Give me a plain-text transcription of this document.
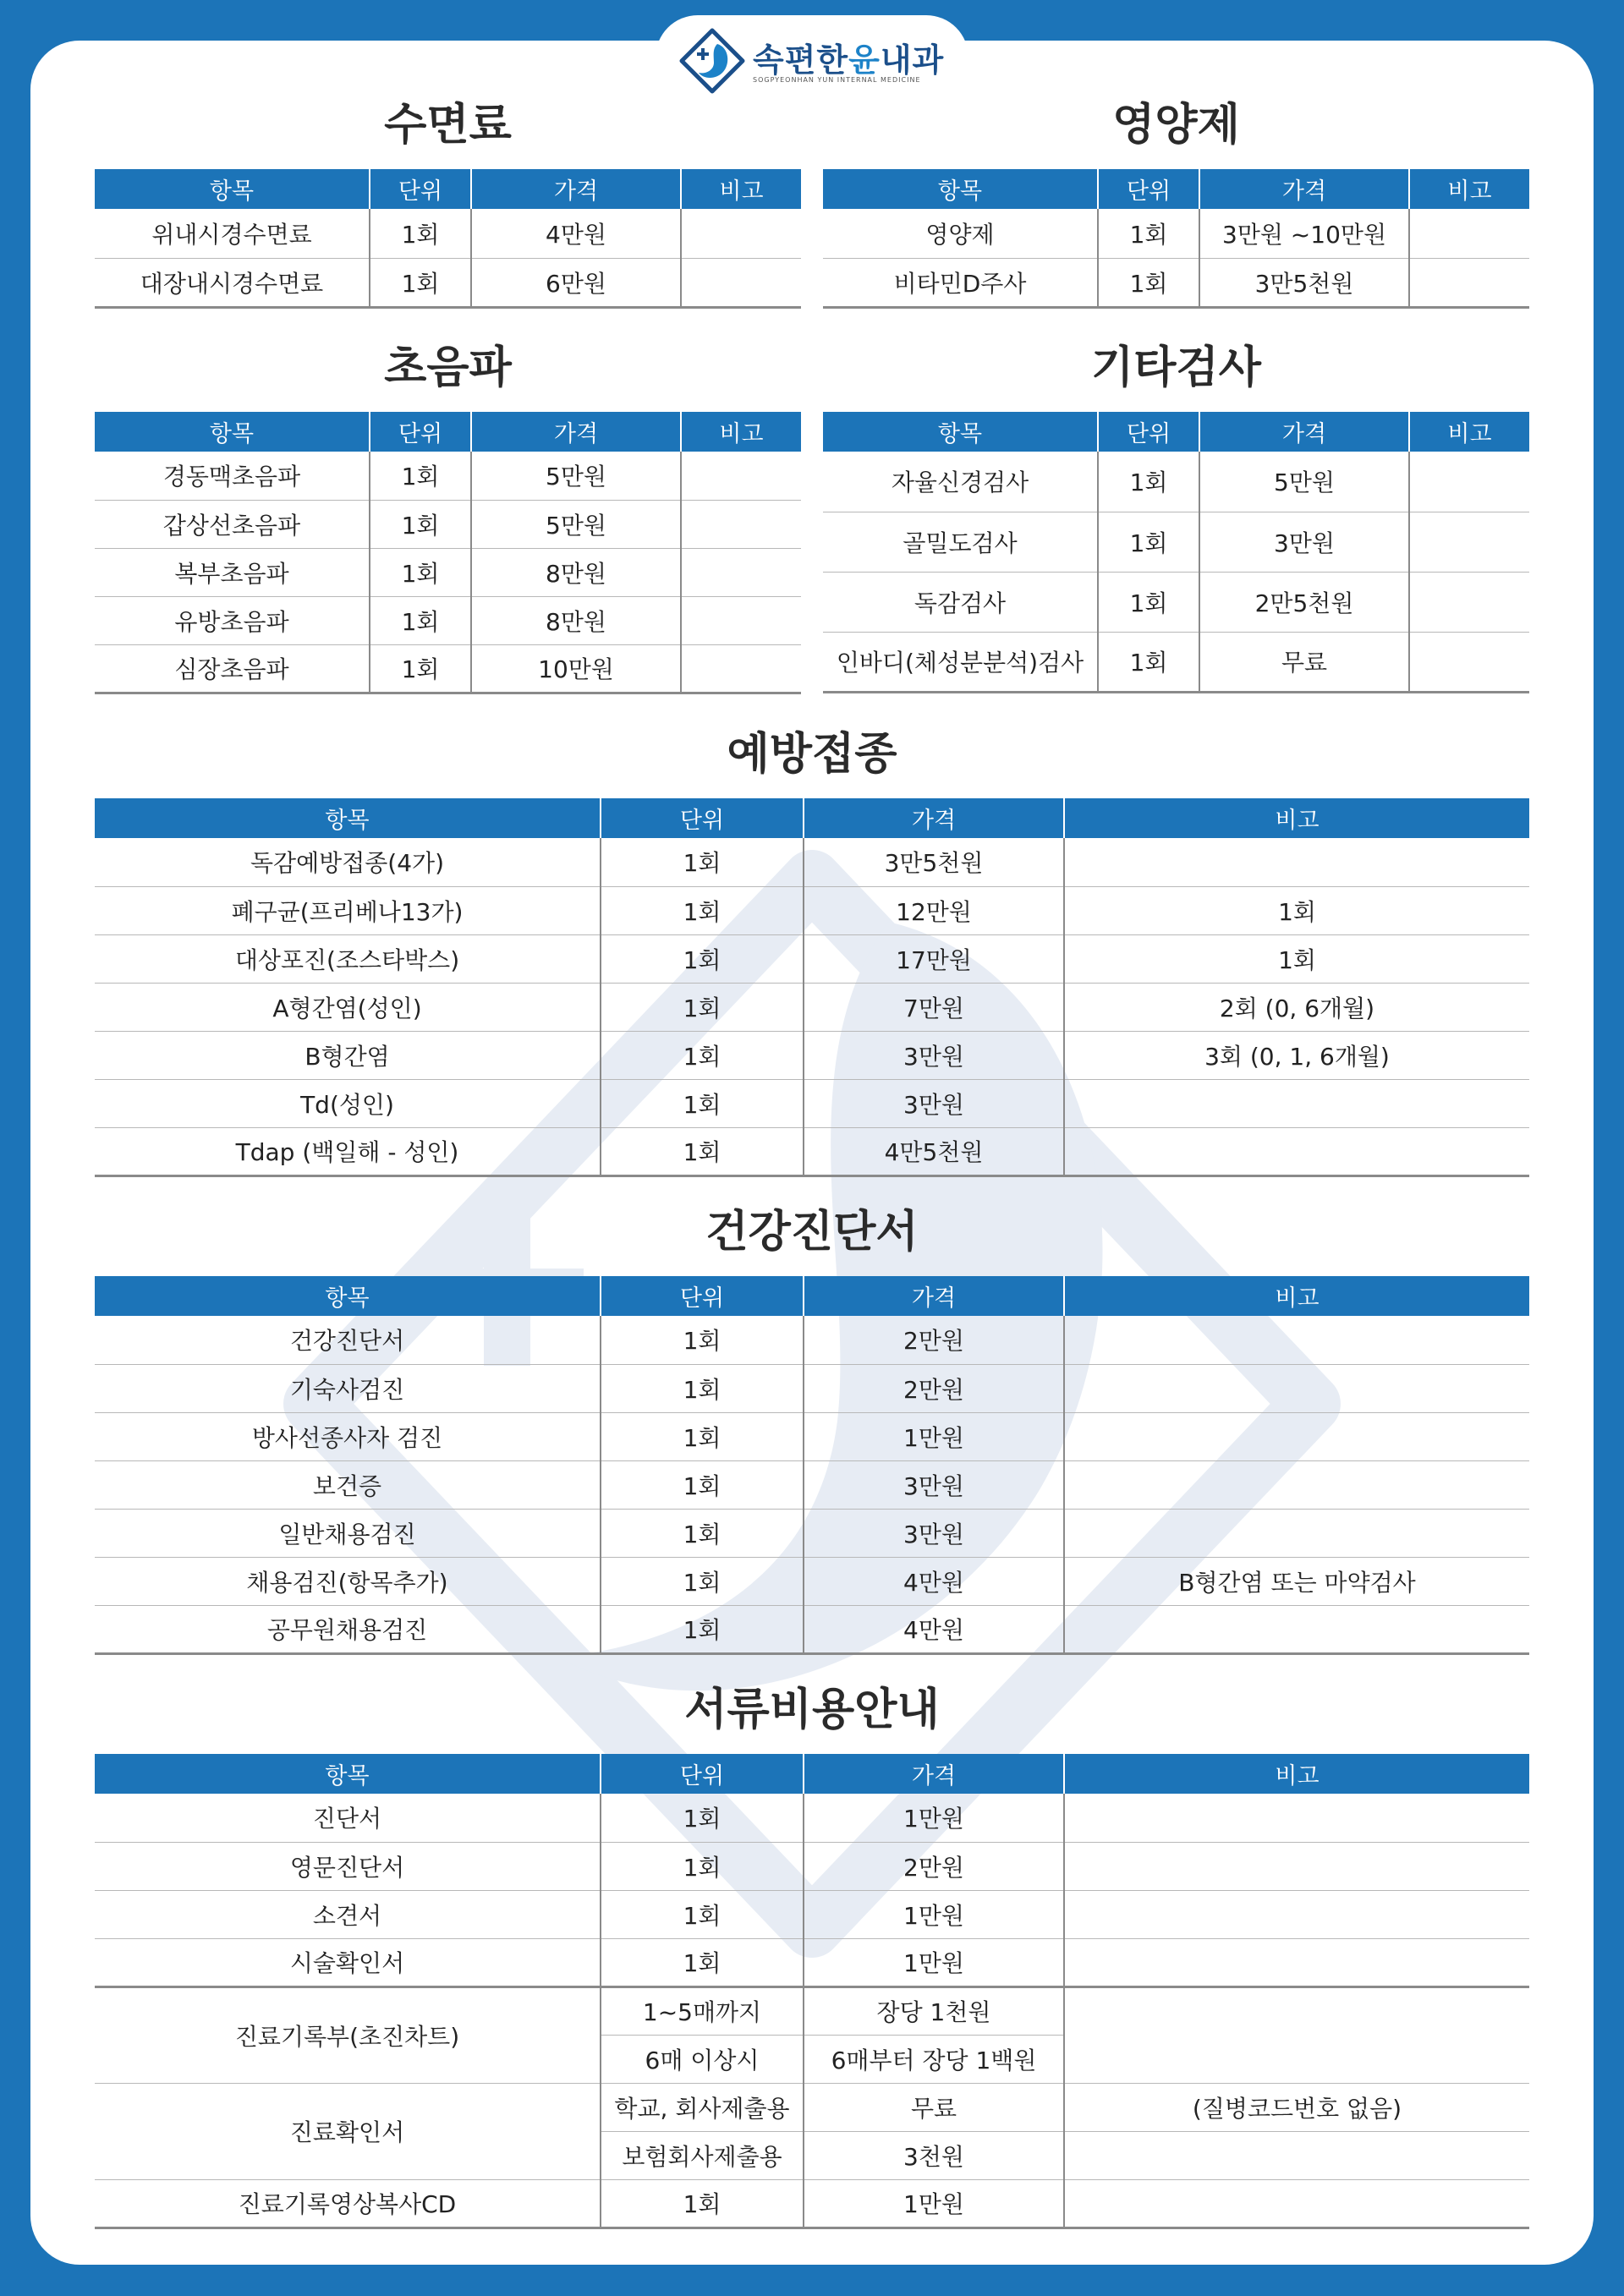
속편한윤내과
SOGPYEONHAN YUN INTERNAL MEDICINE
수면료
항목	단위	가격	비고
위내시경수면료	1회	4만원	
대장내시경수면료	1회	6만원	
영양제
항목	단위	가격	비고
영양제	1회	3만원 ~10만원	
비타민D주사	1회	3만5천원	
초음파
항목	단위	가격	비고
경동맥초음파	1회	5만원	
갑상선초음파	1회	5만원	
복부초음파	1회	8만원	
유방초음파	1회	8만원	
심장초음파	1회	10만원	
기타검사
항목	단위	가격	비고
자율신경검사	1회	5만원	
골밀도검사	1회	3만원	
독감검사	1회	2만5천원	
인바디(체성분분석)검사	1회	무료	
예방접종
항목	단위	가격	비고
독감예방접종(4가)	1회	3만5천원	
폐구균(프리베나13가)	1회	12만원	1회
대상포진(조스타박스)	1회	17만원	1회
A형간염(성인)	1회	7만원	2회 (0, 6개월)
B형간염	1회	3만원	3회 (0, 1, 6개월)
Td(성인)	1회	3만원	
Tdap (백일해 - 성인)	1회	4만5천원	
건강진단서
항목	단위	가격	비고
건강진단서	1회	2만원	
기숙사검진	1회	2만원	
방사선종사자 검진	1회	1만원	
보건증	1회	3만원	
일반채용검진	1회	3만원	
채용검진(항목추가)	1회	4만원	B형간염 또는 마약검사
공무원채용검진	1회	4만원	
서류비용안내
항목	단위	가격	비고
진단서	1회	1만원	
영문진단서	1회	2만원	
소견서	1회	1만원	
시술확인서	1회	1만원	
진료기록부(초진차트)	1~5매까지	장당 1천원	
	6매 이상시	6매부터 장당 1백원	
진료확인서	학교, 회사제출용	무료	(질병코드번호 없음)
	보험회사제출용	3천원	
진료기록영상복사CD	1회	1만원	
